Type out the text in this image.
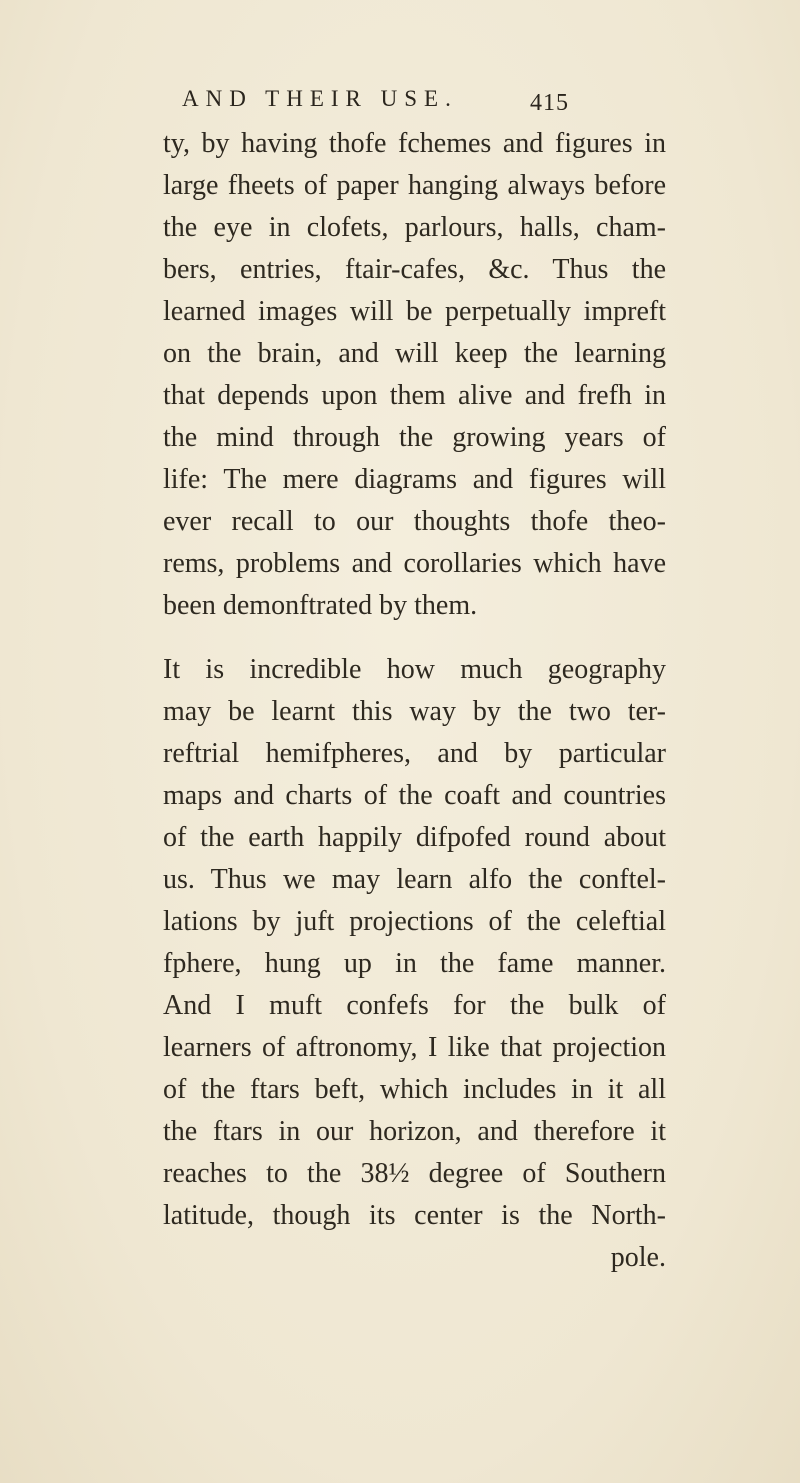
AND THEIR USE.	415
ty, by having thofe fchemes and figures in
large fheets of paper hanging always before
the eye in clofets, parlours, halls, cham-
bers, entries, ftair-cafes, &c. Thus the
learned images will be perpetually impreft
on the brain, and will keep the learning
that depends upon them alive and frefh in
the mind through the growing years of
life: The mere diagrams and figures will
ever recall to our thoughts thofe theo-
rems, problems and corollaries which have
been demonftrated by them.
It is incredible how much geography
may be learnt this way by the two ter-
reftrial hemifpheres, and by particular
maps and charts of the coaft and countries
of the earth happily difpofed round about
us. Thus we may learn alfo the conftel-
lations by juft projections of the celeftial
fphere, hung up in the fame manner.
And I muft confefs for the bulk of
learners of aftronomy, I like that projection
of the ftars beft, which includes in it all
the ftars in our horizon, and therefore it
reaches to the 38½ degree of Southern
latitude, though its center is the North-
pole.
